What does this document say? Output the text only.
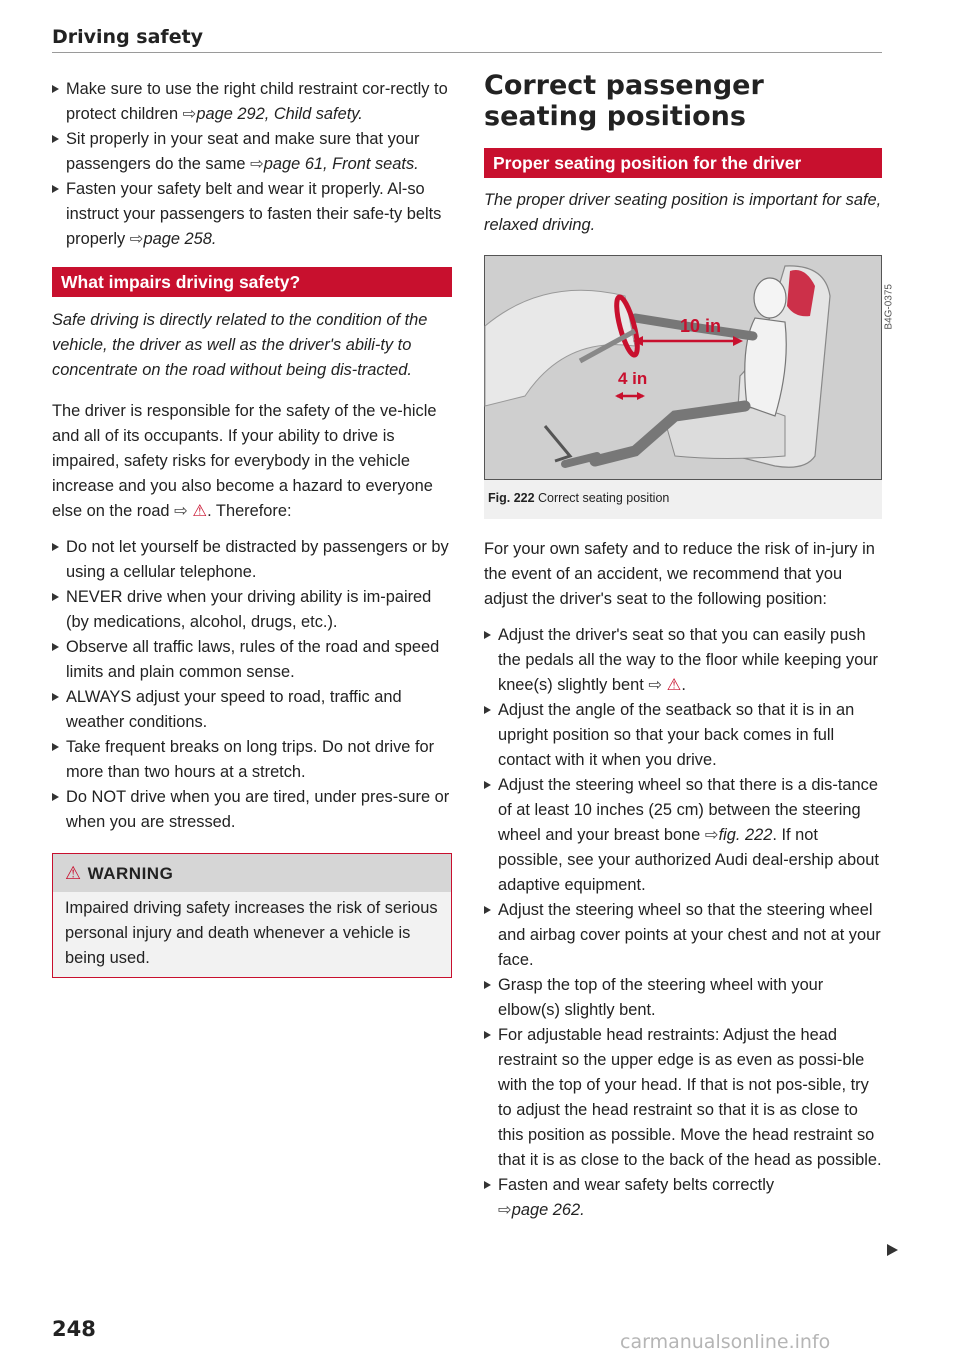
Driving safety
Make sure to use the right child restraint cor-rectly to protect children ⇨page 292, Child safety.
Sit properly in your seat and make sure that your passengers do the same ⇨page 61, Front seats.
Fasten your safety belt and wear it properly. Al-so instruct your passengers to fasten their safe-ty belts properly ⇨page 258.
What impairs driving safety?

Safe driving is directly related to the condition of the vehicle, the driver as well as the driver's abili-ty to concentrate on the road without being dis-tracted.

The driver is responsible for the safety of the ve-hicle and all of its occupants. If your ability to drive is impaired, safety risks for everybody in the vehicle increase and you also become a hazard to everyone else on the road ⇨ ⚠. Therefore:

Do not let yourself be distracted by passengers or by using a cellular telephone.
NEVER drive when your driving ability is im-paired (by medications, alcohol, drugs, etc.).
Observe all traffic laws, rules of the road and speed limits and plain common sense.
ALWAYS adjust your speed to road, traffic and weather conditions.
Take frequent breaks on long trips. Do not drive for more than two hours at a stretch.
Do NOT drive when you are tired, under pres-sure or when you are stressed.
⚠ WARNING
Impaired driving safety increases the risk of serious personal injury and death whenever a vehicle is being used.
Correct passenger seating positions
Proper seating position for the driver

The proper driver seating position is important for safe, relaxed driving.

10 in
4 in
B4G-0375
Fig. 222 Correct seating position

For your own safety and to reduce the risk of in-jury in the event of an accident, we recommend that you adjust the driver's seat to the following position:

Adjust the driver's seat so that you can easily push the pedals all the way to the floor while keeping your knee(s) slightly bent ⇨ ⚠.
Adjust the angle of the seatback so that it is in an upright position so that your back comes in full contact with it when you drive.
Adjust the steering wheel so that there is a dis-tance of at least 10 inches (25 cm) between the steering wheel and your breast bone ⇨fig. 222. If not possible, see your authorized Audi deal-ership about adaptive equipment.
Adjust the steering wheel so that the steering wheel and airbag cover points at your chest and not at your face.
Grasp the top of the steering wheel with your elbow(s) slightly bent.
For adjustable head restraints: Adjust the head restraint so the upper edge is as even as possi-ble with the top of your head. If that is not pos-sible, try to adjust the head restraint so that it is as close to this position as possible. Move the head restraint so that it is as close to the back of the head as possible.
Fasten and wear safety belts correctly
⇨page 262.
248
carmanualsonline.info
